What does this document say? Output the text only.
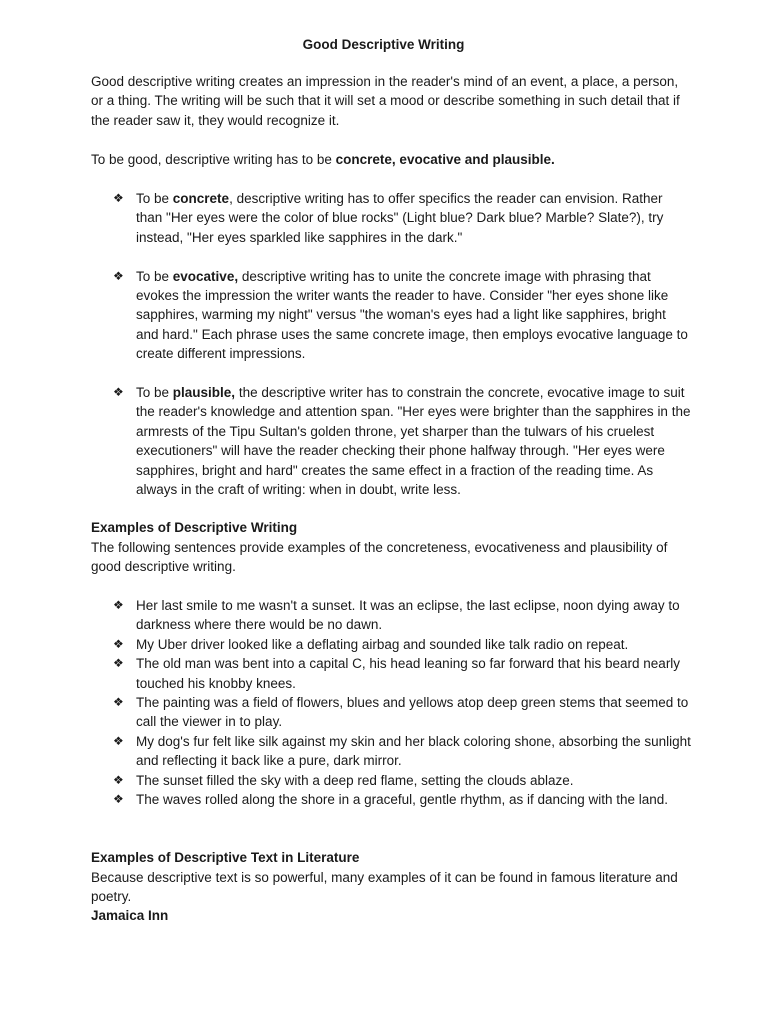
Good Descriptive Writing

Good descriptive writing creates an impression in the reader's mind of an event, a place, a person, or a thing. The writing will be such that it will set a mood or describe something in such detail that if the reader saw it, they would recognize it.

To be good, descriptive writing has to be concrete, evocative and plausible.

❖ To be concrete, descriptive writing has to offer specifics the reader can envision. Rather than "Her eyes were the color of blue rocks" (Light blue? Dark blue? Marble? Slate?), try instead, "Her eyes sparkled like sapphires in the dark."
❖ To be evocative, descriptive writing has to unite the concrete image with phrasing that evokes the impression the writer wants the reader to have. Consider "her eyes shone like sapphires, warming my night" versus "the woman's eyes had a light like sapphires, bright and hard." Each phrase uses the same concrete image, then employs evocative language to create different impressions.
❖ To be plausible, the descriptive writer has to constrain the concrete, evocative image to suit the reader's knowledge and attention span. "Her eyes were brighter than the sapphires in the armrests of the Tipu Sultan's golden throne, yet sharper than the tulwars of his cruelest executioners" will have the reader checking their phone halfway through. "Her eyes were sapphires, bright and hard" creates the same effect in a fraction of the reading time. As always in the craft of writing: when in doubt, write less.

Examples of Descriptive Writing

The following sentences provide examples of the concreteness, evocativeness and plausibility of good descriptive writing.

❖ Her last smile to me wasn't a sunset. It was an eclipse, the last eclipse, noon dying away to darkness where there would be no dawn.
❖ My Uber driver looked like a deflating airbag and sounded like talk radio on repeat.
❖ The old man was bent into a capital C, his head leaning so far forward that his beard nearly touched his knobby knees.
❖ The painting was a field of flowers, blues and yellows atop deep green stems that seemed to call the viewer in to play.
❖ My dog's fur felt like silk against my skin and her black coloring shone, absorbing the sunlight and reflecting it back like a pure, dark mirror.
❖ The sunset filled the sky with a deep red flame, setting the clouds ablaze.
❖ The waves rolled along the shore in a graceful, gentle rhythm, as if dancing with the land.

Examples of Descriptive Text in Literature

Because descriptive text is so powerful, many examples of it can be found in famous literature and poetry.

Jamaica Inn
